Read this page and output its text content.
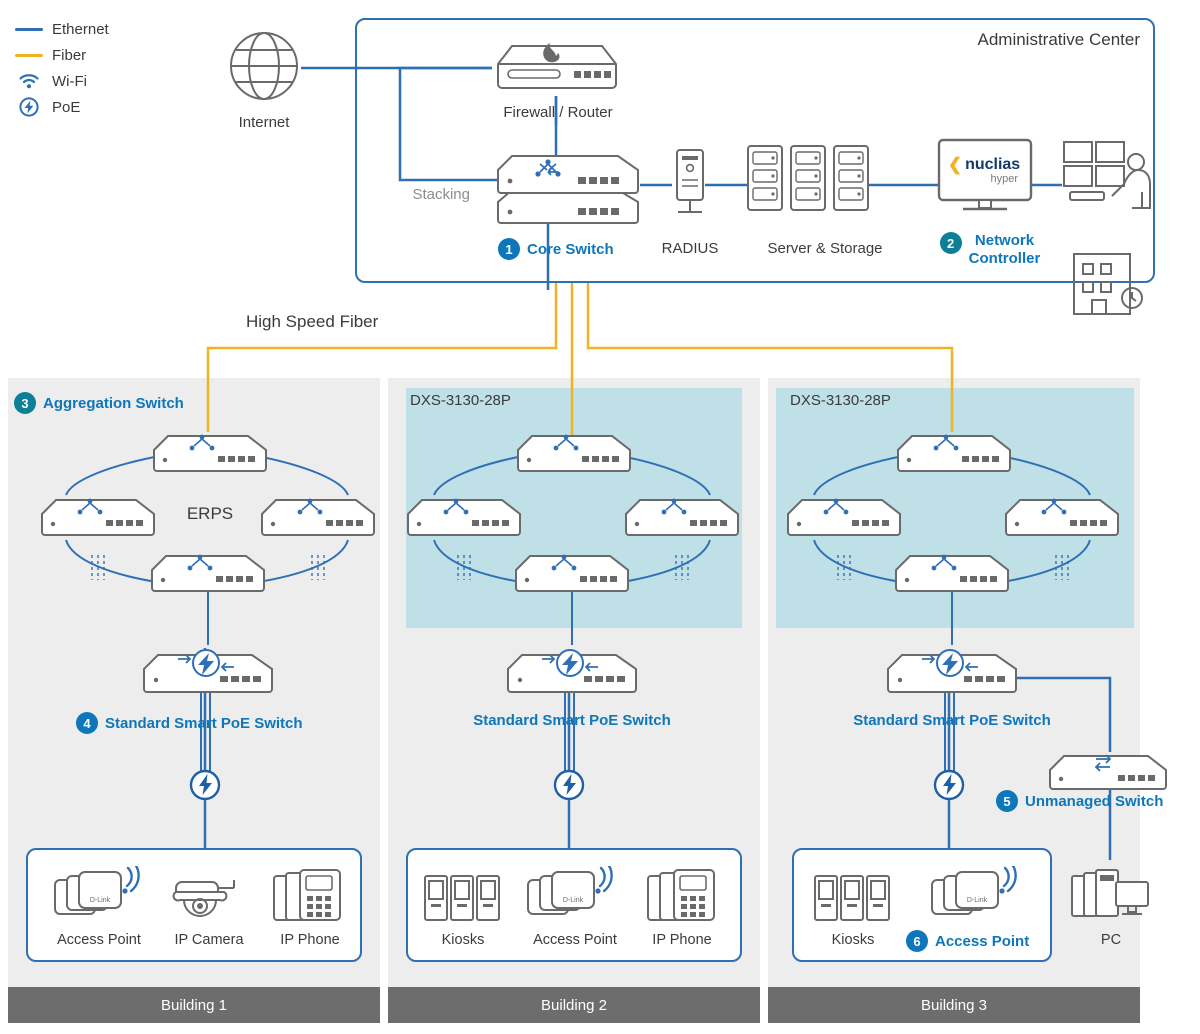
Building 1	Building 2	Building 3
Ethernet
Fiber
Wi-Fi
PoE
Administrative Center
Internet
Firewall / Router
Stacking
1 Core Switch	RADIUS	Server & Storage
❮ nuclias
hyper
2	Network
Controller
High Speed Fiber
3 Aggregation Switch
ERPS
4 Standard Smart PoE Switch
D-Link
Access Point	IP Camera	IP Phone
DXS-3130-28P
Standard Smart PoE Switch
Kiosks
D-Link
Access Point	IP Phone
DXS-3130-28P
Standard Smart PoE Switch
5 Unmanaged Switch
Kiosks
D-Link
6 Access Point	PC
